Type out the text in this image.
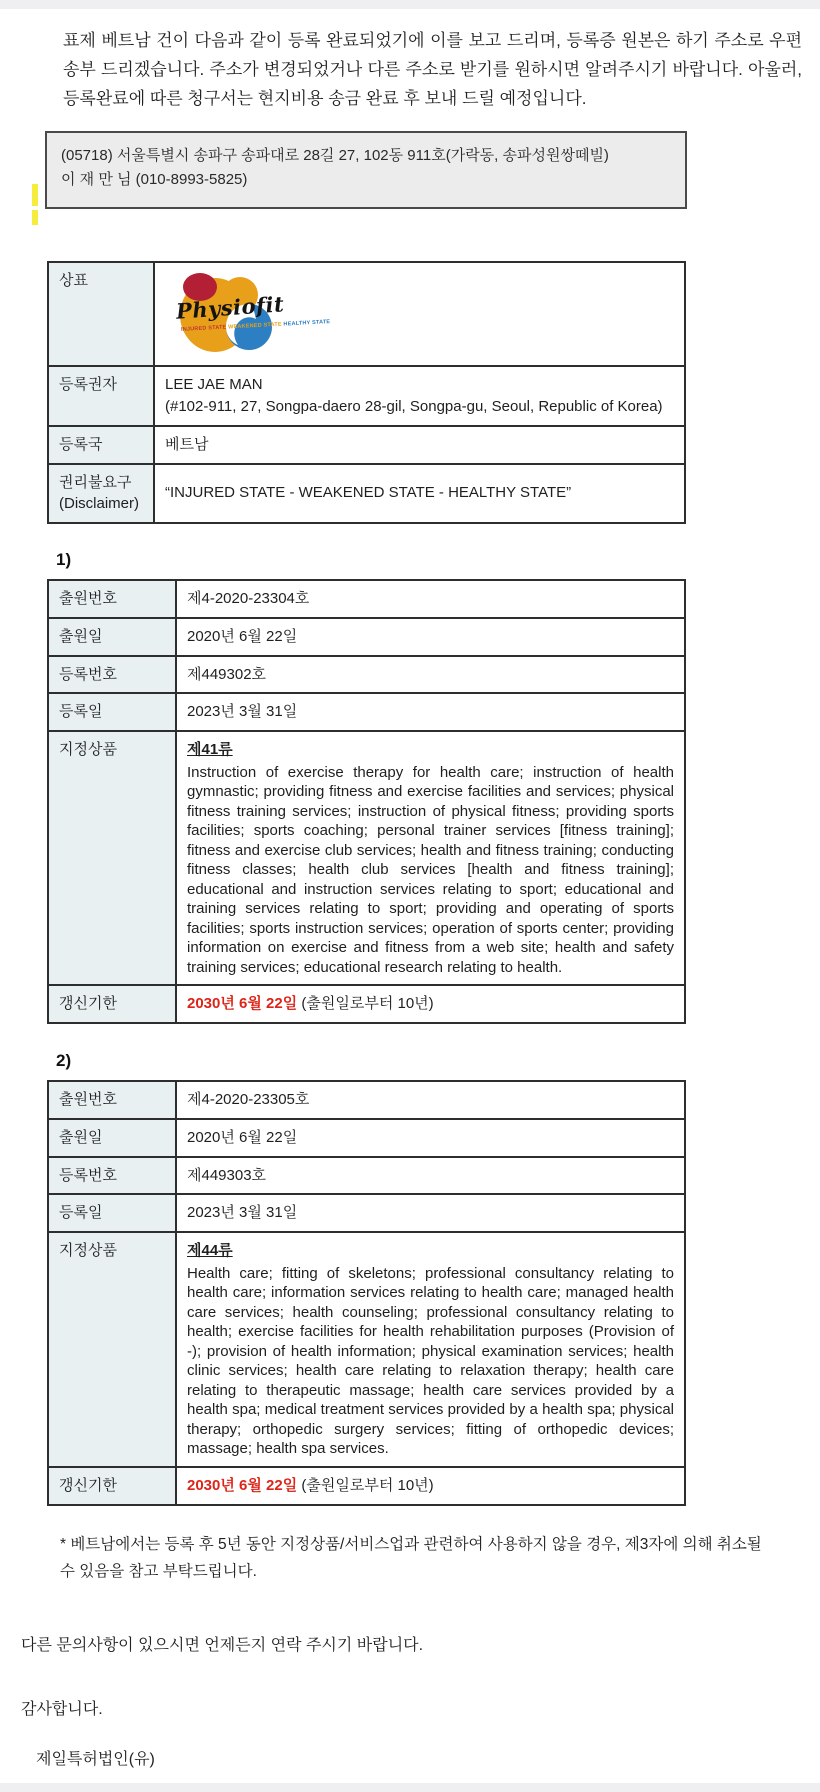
표제 베트남 건이 다음과 같이 등록 완료되었기에 이를 보고 드리며, 등록증 원본은 하기 주소로 우편 송부 드리겠습니다. 주소가 변경되었거나 다른 주소로 받기를 원하시면 알려주시기 바랍니다. 아울러, 등록완료에 따른 청구서는 현지비용 송금 완료 후 보내 드릴 예정입니다.

(05718) 서울특별시 송파구 송파대로 28길 27, 102동 911호(가락동, 송파성원쌍떼빌)
이 재 만 님 (010-8993-5825)
상표	Physiofit
INJURED STATE WEAKENED STATE HEALTHY STATE

등록권자	LEE JAE MAN
(#102-911, 27, Songpa-daero 28-gil, Songpa-gu, Seoul, Republic of Korea)

등록국	베트남

권리불요구
(Disclaimer)	“INJURED STATE - WEAKENED STATE - HEALTHY STATE”
1)
출원번호	제4-2020-23304호
출원일	2020년 6월 22일
등록번호	제449302호
등록일	2023년 3월 31일
지정상품	제41류
Instruction of exercise therapy for health care; instruction of health gymnastic; providing fitness and exercise facilities and services; physical fitness training services; instruction of physical fitness; providing sports facilities; sports coaching; personal trainer services [fitness training]; fitness and exercise club services; health and fitness training; conducting fitness classes; health club services [health and fitness training]; educational and instruction services relating to sport; educational and training services relating to sport; providing and operating of sports facilities; sports instruction services; operation of sports center; providing information on exercise and fitness from a web site; health and safety training services; educational research relating to health.

갱신기한	2030년 6월 22일 (출원일로부터 10년)
2)
출원번호	제4-2020-23305호
출원일	2020년 6월 22일
등록번호	제449303호
등록일	2023년 3월 31일
지정상품	제44류
Health care; fitting of skeletons; professional consultancy relating to health care; information services relating to health care; managed health care services; health counseling; professional consultancy relating to health; exercise facilities for health rehabilitation purposes (Provision of -); provision of health information; physical examination services; health clinic services; health care relating to relaxation therapy; health care relating to therapeutic massage; health care services provided by a health spa; medical treatment services provided by a health spa; physical therapy; orthopedic surgery services; fitting of orthopedic devices; massage; health spa services.

갱신기한	2030년 6월 22일 (출원일로부터 10년)

* 베트남에서는 등록 후 5년 동안 지정상품/서비스업과 관련하여 사용하지 않을 경우, 제3자에 의해 취소될 수 있음을 참고 부탁드립니다.

다른 문의사항이 있으시면 언제든지 연락 주시기 바랍니다.

감사합니다.

제일특허법인(유)
